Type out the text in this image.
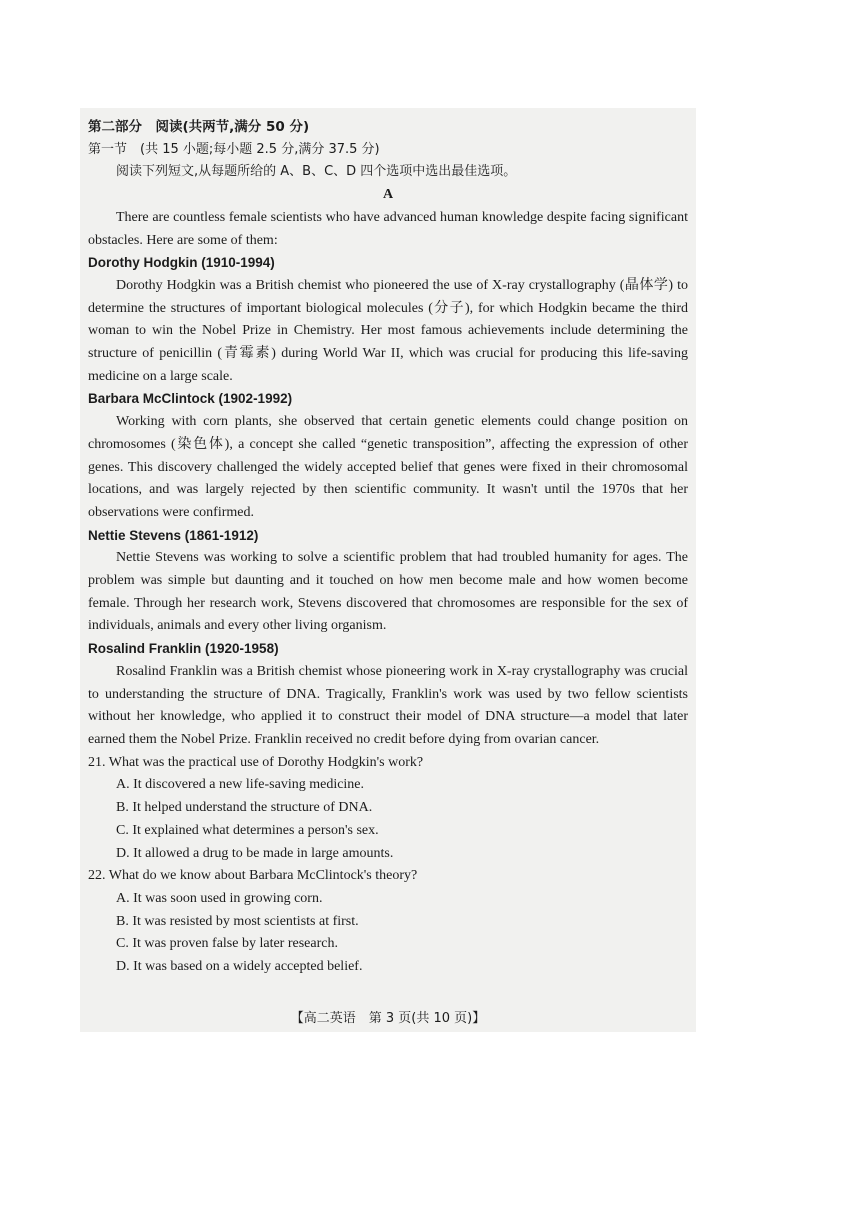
第二部分　阅读(共两节,满分 50 分)

第一节　(共 15 小题;每小题 2.5 分,满分 37.5 分)

阅读下列短文,从每题所给的 A、B、C、D 四个选项中选出最佳选项。

A

There are countless female scientists who have advanced human knowledge despite facing significant obstacles. Here are some of them:

Dorothy Hodgkin (1910-1994)

Dorothy Hodgkin was a British chemist who pioneered the use of X-ray crystallography (晶体学) to determine the structures of important biological molecules (分子), for which Hodgkin became the third woman to win the Nobel Prize in Chemistry. Her most famous achievements include determining the structure of penicillin (青霉素) during World War II, which was crucial for producing this life-saving medicine on a large scale.

Barbara McClintock (1902-1992)

Working with corn plants, she observed that certain genetic elements could change position on chromosomes (染色体), a concept she called “genetic transposition”, affecting the expression of other genes. This discovery challenged the widely accepted belief that genes were fixed in their chromosomal locations, and was largely rejected by then scientific community. It wasn't until the 1970s that her observations were confirmed.

Nettie Stevens (1861-1912)

Nettie Stevens was working to solve a scientific problem that had troubled humanity for ages. The problem was simple but daunting and it touched on how men become male and how women become female. Through her research work, Stevens discovered that chromosomes are responsible for the sex of individuals, animals and every other living organism.

Rosalind Franklin (1920-1958)

Rosalind Franklin was a British chemist whose pioneering work in X-ray crystallography was crucial to understanding the structure of DNA. Tragically, Franklin's work was used by two fellow scientists without her knowledge, who applied it to construct their model of DNA structure—a model that later earned them the Nobel Prize. Franklin received no credit before dying from ovarian cancer.

21. What was the practical use of Dorothy Hodgkin's work?

A. It discovered a new life-saving medicine.

B. It helped understand the structure of DNA.

C. It explained what determines a person's sex.

D. It allowed a drug to be made in large amounts.

22. What do we know about Barbara McClintock's theory?

A. It was soon used in growing corn.

B. It was resisted by most scientists at first.

C. It was proven false by later research.

D. It was based on a widely accepted belief.

【高二英语　第 3 页(共 10 页)】
